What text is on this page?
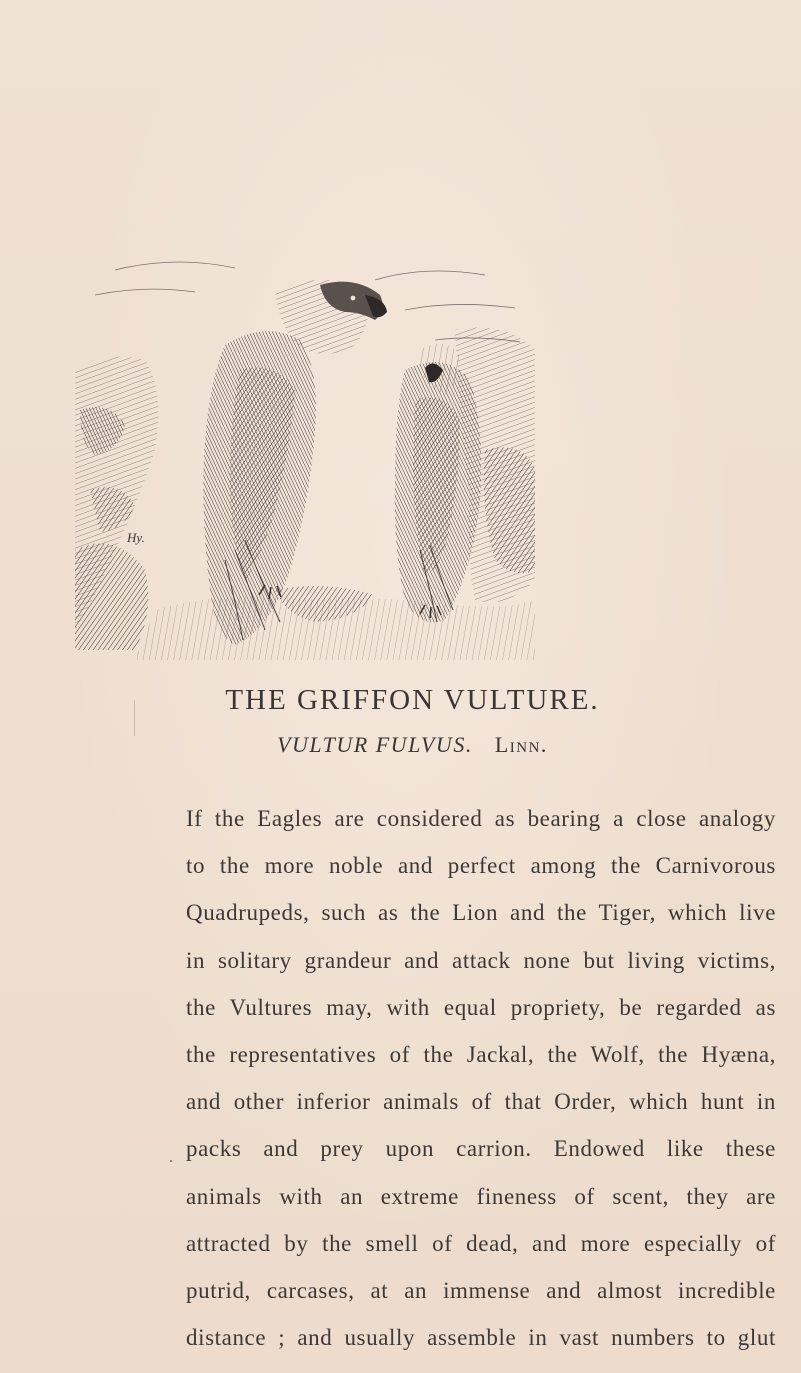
Hy.
THE GRIFFON VULTURE.
VULTUR FULVUS. Linn.
If the Eagles are considered as bearing a close analogy
to the more noble and perfect among the Carnivorous
Quadrupeds, such as the Lion and the Tiger, which live
in solitary grandeur and attack none but living victims,
the Vultures may, with equal propriety, be regarded as
the representatives of the Jackal, the Wolf, the Hyæna,
and other inferior animals of that Order, which hunt in
packs and prey upon carrion. Endowed like these
animals with an extreme fineness of scent, they are
attracted by the smell of dead, and more especially of
putrid, carcases, at an immense and almost incredible
distance ; and usually assemble in vast numbers to glut
